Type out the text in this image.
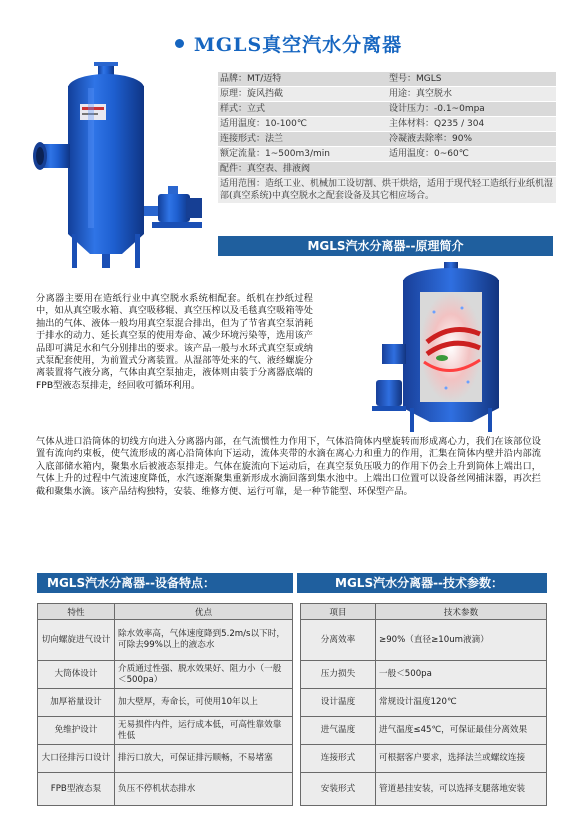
MGLS真空汽水分离器
品牌：MT/迈特	型号：MGLS
原理：旋风挡截	用途：真空脱水
样式：立式	设计压力：-0.1~0mpa
适用温度：10-100℃	主体材料：Q235 / 304
连接形式：法兰	冷凝液去除率：90%
额定流量：1~500m3/min	适用温度：0~60℃
配件：真空表、排液阀	
适用范围：造纸工业、机械加工设切割、烘干烘焙，适用于现代轻工造纸行业纸机湿部(真空系统)中真空脱水之配套设备及其它相应场合。	
MGLS汽水分离器--原理简介
分离器主要用在造纸行业中真空脱水系统相配套。纸机在抄纸过程中，如从真空吸水箱、真空吸移辊、真空压榨以及毛毯真空吸箱等处抽出的气体、液体一般均用真空泵混合排出，但为了节省真空泵消耗于排水的动力、延长真空泵的使用寿命、减少环境污染等，选用该产品即可满足水和气分别排出的要求。该产品一般与水环式真空泵或纳式泵配套使用，为前置式分离装置。从湿部等处来的气、液经螺旋分离装置将气液分离，气体由真空泵抽走，液体则由装于分离器底端的FPB型液态泵排走，经回收可循环利用。
气体从进口沿筒体的切线方向进入分离器内部，在气流惯性力作用下，气体沿筒体内壁旋转而形成离心力，我们在该部位设置有流向约束板，使气流形成的离心沿筒体向下运动，流体夹带的水滴在离心力和重力的作用，汇集在筒体内壁并沿内部流入底部储水箱内，聚集水后被液态泵排走。气体在旋流向下运动后，在真空泵负压吸力的作用下仍会上升到筒体上端出口，气体上升的过程中气流速度降低，水汽逐渐聚集重新形成水滴回落到集水池中。上端出口位置可以设备丝网捕沫器，再次拦截和聚集水滴。该产品结构独特，安装、维修方便、运行可靠，是一种节能型、环保型产品。
MGLS汽水分离器--设备特点：	MGLS汽水分离器--技术参数：
特性	优点
切向螺旋进气设计	除水效率高，气体速度降到5.2m/s以下时，可除去99%以上的液态水
大筒体设计	介质通过性强、脱水效果好、阻力小（一般＜500pa）
加厚裕量设计	加大壁厚，寿命长，可使用10年以上
免维护设计	无易损件内件，运行成本低，可高性靠效靠性低
大口径排污口设计	排污口放大，可保证排污顺畅，不易堵塞
FPB型液态泵	负压不停机状态排水
项目	技术参数
分离效率	≥90%（直径≥10um液滴）
压力损失	一般＜500pa
设计温度	常规设计温度120℃
进气温度	进气温度≤45℃，可保证最佳分离效果
连接形式	可根据客户要求，选择法兰或螺纹连接
安装形式	管道悬挂安装，可以选择支腿落地安装
